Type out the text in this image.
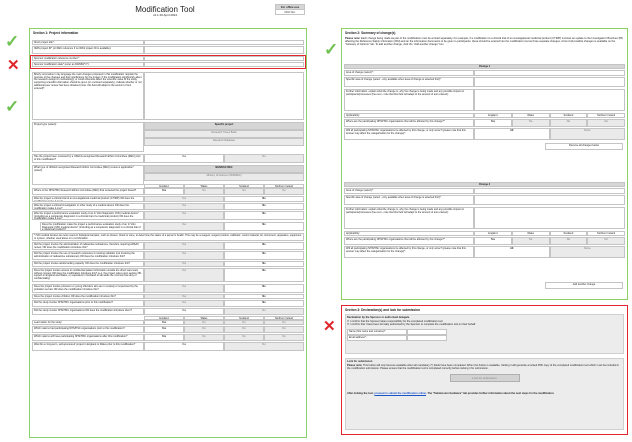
✓
✕
✓
✓
✕
Modification Tool
v2.1 29 April 2024
For office use
OCC No.
Section 1: Project information
Short project title*:
IRAS project ID* (or REC reference if no IRAS project ID is available):
Sponsor modification reference number*:
Sponsor modification date* (enter as DD/MM/YY):
Briefly summarise in lay language the main changes proposed in this modification. Explain the purpose of the changes and their significance for the project. If the modification significantly alters the research design or methodology, or could otherwise affect the scientific value of the study, supporting scientific information should be given (or enclosed separately). Indicate whether or not additional peer review has been obtained (note: this field will adapt to the amount of text entered)*:
Project type (select):	Specific project
Research Tissue Bank
Research Database
Has the project been reviewed by a UKECA-recognised Research Ethics Committee (REC) prior to this modification?
Yes	No
What type of UKECA-recognised Research Ethics Committee (REC) review is applicable? (select)
NHS/HSC REC
Ministry of Defence (MODREC)
England	Wales	Scotland	Northern Ireland
Where is the NHS/HSC Research Ethics Committee (REC) that reviewed the project based?	Yes	No	No	No
Was the project a clinical trial of an investigational medicinal product (CTIMP) OR does the modification make it one?
Yes	No
Was the project a clinical investigation or other study of a medical device OR does the modification make it one?
Yes	No
Was the project a performance evaluation study of an In Vitro Diagnostic (IVD) medical device* (including as a companion diagnostic in a clinical trial of a medicinal product) OR does the modification make it one?
Yes	No
Does the modification make the project a performance evaluation study of an In Vitro Diagnostic (IVD) medical device* (including as a companion diagnostic in a clinical trial of a medicinal product)?
Yes	No
* IVD medical devices are tests used on biological samples, such as tissues, blood or urine, to determine the status of a person's health. This may be a reagent, reagent product, calibrator, control material, kit, instrument, apparatus, equipment or system, whether used alone or in combination.
Did the project involve the administration of radioactive substances, therefore requiring ARSAC review, OR does the modification introduce this?
Yes	No
Did the project involve the use of research exposures to ionising radiation (not involving the administration of radioactive substances) OR does the modification introduce this?
Yes	No
Did the project involve adults lacking capacity OR does the modification introduce this?	Yes	No
Does the project involve access to confidential patient information outside the direct care team without consent OR does the modification introduce this? (e.g. the project relies upon section 251 support in England and Wales, or equivalent in Scotland to set aside the common law duty of confidentiality)
Yes	No
Does the project involve prisoners or young offenders who are in custody or supervised by the probation service OR does the modification introduce this?
Yes	No
Does the project involve children OR does the modification introduce this?	Yes	No
Did the study involve NHS/HSC organisations prior to this modification?	Yes	No
Did the study involve NHS/HSC organisations OR does the modification introduce them?	Yes	No
England	Wales	Scotland	Northern Ireland
Lead nation for the study:	Yes	No	No	No
Which nations had participating NHS/HSC organisations prior to this modification?	Yes	No	No	No
Which nations will have participating NHS/HSC organisations after this modification?	Yes	No	No	No
Was this a 'long-term, self-sponsored' project in England or Wales prior to this modification?	Yes	No
Section 2: Summary of change(s)
Please note: Each change being made as part of the modification must be a listed separately. For example, if a modification to a clinical trial of an investigational medicinal product (CTIMP) involves an update to the Investigator's Brochure (IB) affecting the Reference Safety Information (RSI) and an the information documents to be given to participants, these should be entered into the modification tool as three separate changes. A list of all possible changes is available on the "Glossary of Options" tab. To add another change, click the "Add another change" box.
Change 1
Area of change (select)*:
Specific area of change (select - only available when area of change is selected first)*:
Further information: explain what the change is, why the change is being made and any possible impact on participants/processes (free text - note that this field will adapt to the amount of text entered):
Applicability:	England	Wales	Scotland	Northern Ireland
Where are the participating NHS/HSC organisations that will be affected by this change?*	Yes	No	No	No
Will all participating NHS/HSC organisations be affected by this change, or only some? (please note that this answer may affect the categorisation for the change)*:
All	Some
Remove all changes below
Change 2
Area of change (select)*:
Specific area of change (select - only available when area of change is selected first)*:
Further information: explain what the change is, why the change is being made and any possible impact on participants/processes (free text - note that this field will adapt to the amount of text entered):
Applicability:	England	Wales	Scotland	Northern Ireland
Where are the participating NHS/HSC organisations that will be affected by this change?*	Yes	No	No	No
Will all participating NHS/HSC organisations be affected by this change, or only some? (please note that this answer may affect the categorisation for the change)*:
All	Some
Add another change
Section 3: Declaration(s) and lock for submission
Declaration by the Sponsor or authorised delegate
☐ I confirm that the Sponsor takes responsibility for the completed modification tool
☐ I confirm that I have been formally authorised by the Sponsor to complete the modification tool on their behalf
Name (first name and surname)*:
Email address*:
Lock for submission
Please note: This button will only become available when all mandatory (*) fields have been completed. When the button is available, clicking it will generate a locked PDF copy of the completed modification tool which must be included in the modification submission. Please ensure that the modification tool is completed correctly before locking it for submission.
Lock for submission
After locking the tool, proceed to submit the modification online. The "Submission Guidance" tab provides further information about the next steps for the modification.
